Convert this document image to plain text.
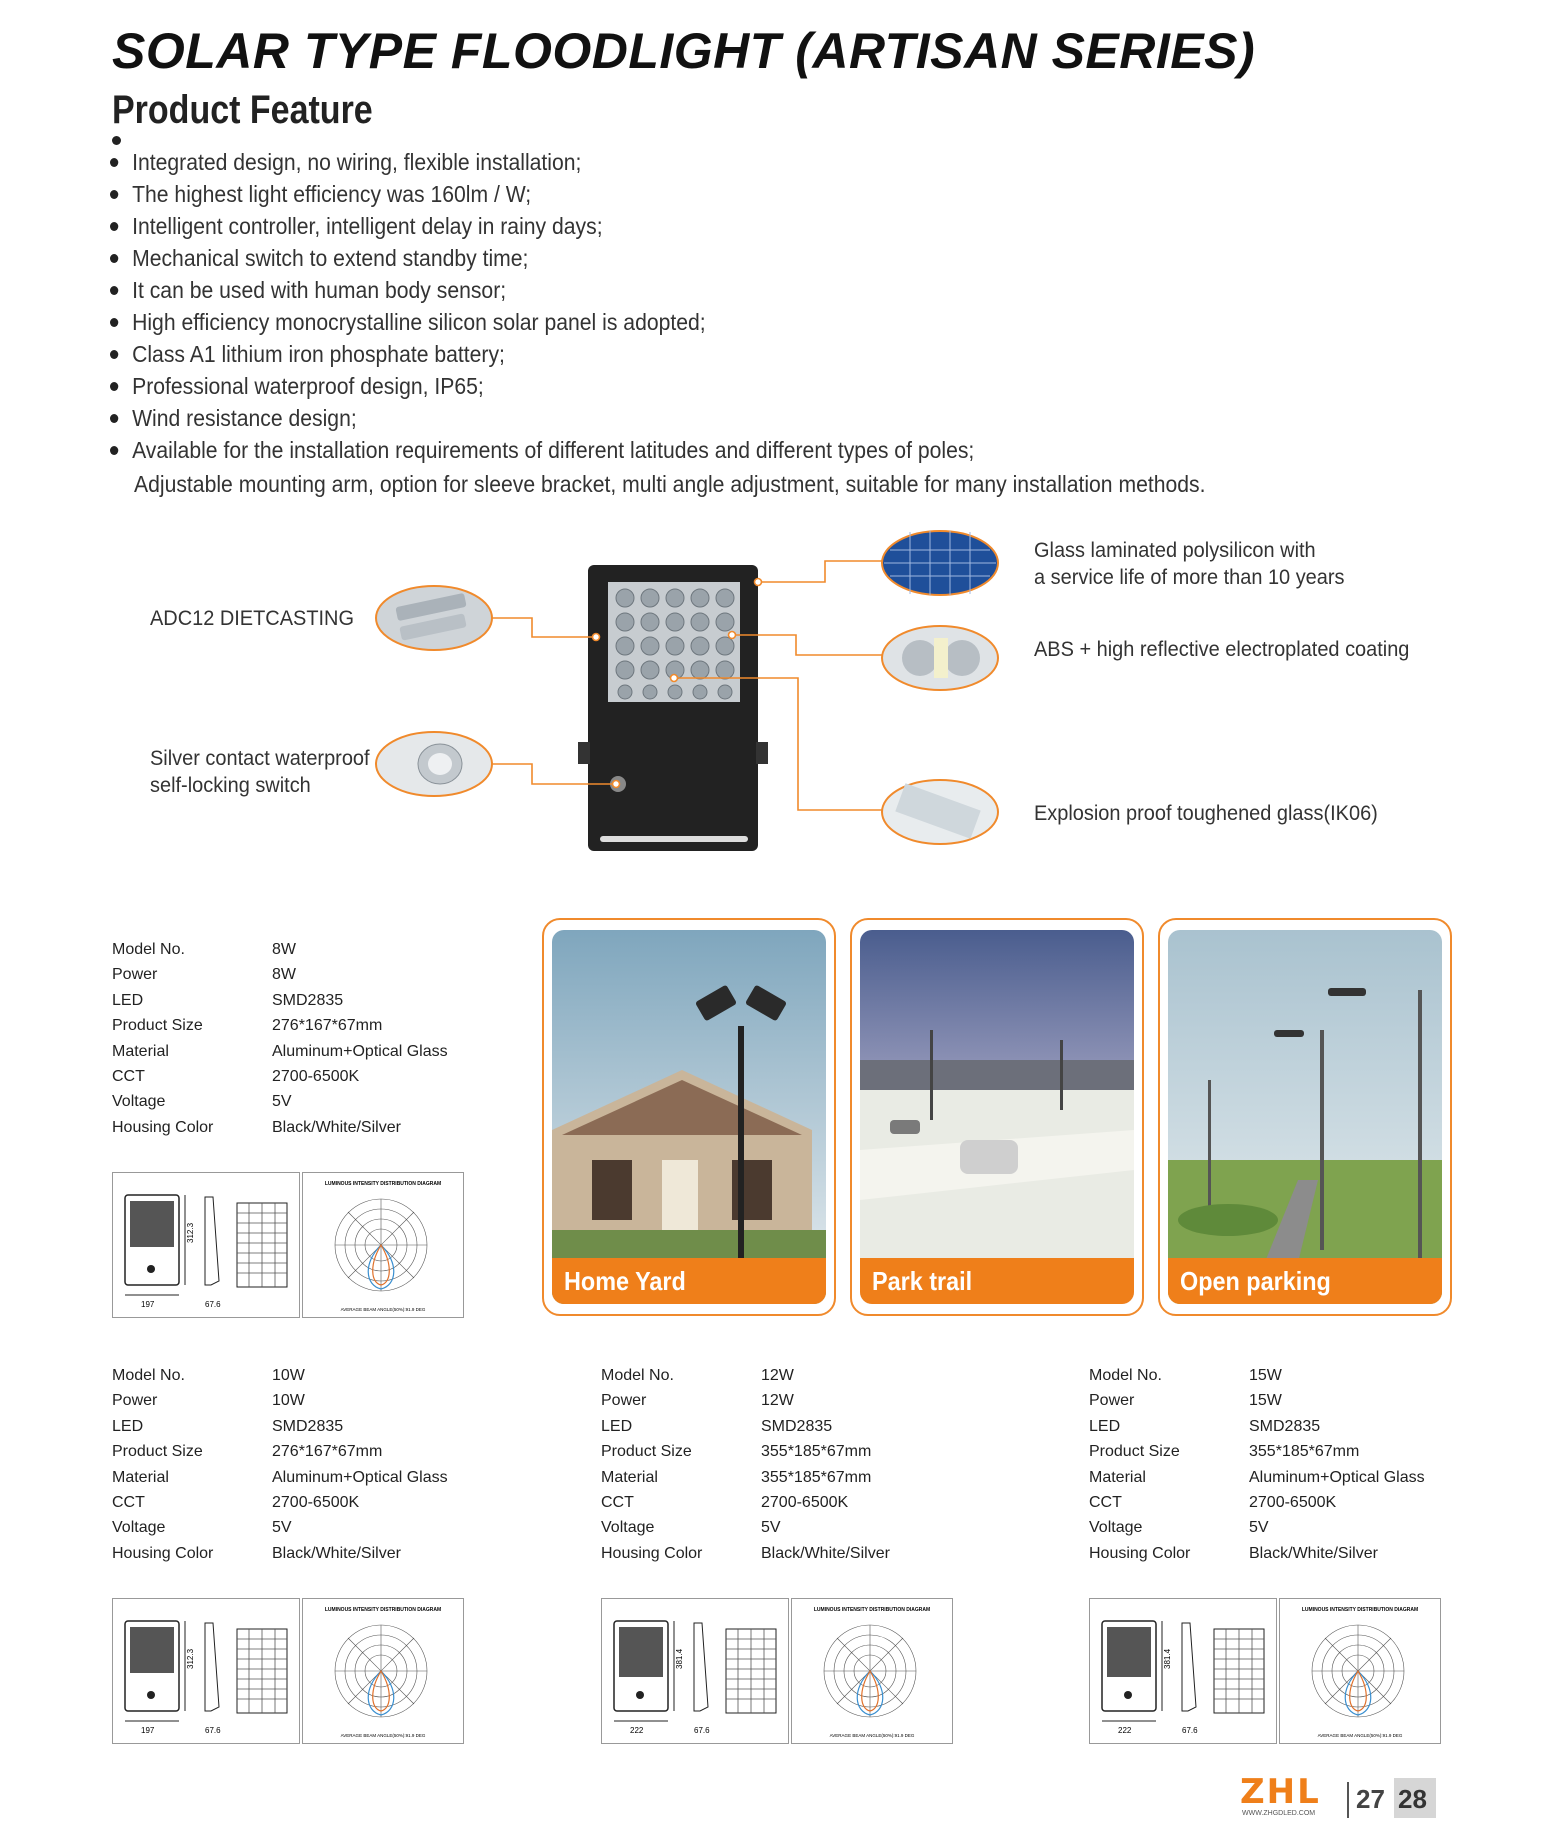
SOLAR TYPE FLOODLIGHT (ARTISAN SERIES)
Product Feature
Integrated design, no wiring, flexible installation;
The highest light efficiency was 160lm / W;
Intelligent controller, intelligent delay in rainy days;
Mechanical switch to extend standby time;
It can be used with human body sensor;
High efficiency monocrystalline silicon solar panel is adopted;
Class A1 lithium iron phosphate battery;
Professional waterproof design, IP65;
Wind resistance design;
Available for the installation requirements of different latitudes and different types of poles;
Adjustable mounting arm, option for sleeve bracket, multi angle adjustment, suitable for many installation methods.
ADC12 DIETCASTING
Silver contact waterproof
self-locking switch
Glass laminated polysilicon with
a service life of more than 10 years
ABS + high reflective electroplated coating
Explosion proof toughened glass(IK06)
Model No.	8W
Power	8W
LED	SMD2835
Product Size	276*167*67mm
Material	Aluminum+Optical Glass
CCT	2700-6500K
Voltage	5V
Housing Color	Black/White/Silver
Home Yard	Park trail	Open parking
312.3
197	67.6
LUMINOUS INTENSITY DISTRIBUTION DIAGRAM
AVERAGE BEAM ANGLE(50%):91.9 DEG
Model No.	10W
Power	10W
LED	SMD2835
Product Size	276*167*67mm
Material	Aluminum+Optical Glass
CCT	2700-6500K
Voltage	5V
Housing Color	Black/White/Silver
Model No.	12W
Power	12W
LED	SMD2835
Product Size	355*185*67mm
Material	355*185*67mm
CCT	2700-6500K
Voltage	5V
Housing Color	Black/White/Silver
Model No.	15W
Power	15W
LED	SMD2835
Product Size	355*185*67mm
Material	Aluminum+Optical Glass
CCT	2700-6500K
Voltage	5V
Housing Color	Black/White/Silver
312.3
197	67.6
LUMINOUS INTENSITY DISTRIBUTION DIAGRAM
AVERAGE BEAM ANGLE(50%):91.9 DEG
381.4
222	67.6
LUMINOUS INTENSITY DISTRIBUTION DIAGRAM
AVERAGE BEAM ANGLE(50%):91.9 DEG
381.4
222	67.6
LUMINOUS INTENSITY DISTRIBUTION DIAGRAM
AVERAGE BEAM ANGLE(50%):91.9 DEG
ZHL
WWW.ZHGDLED.COM 27 28
